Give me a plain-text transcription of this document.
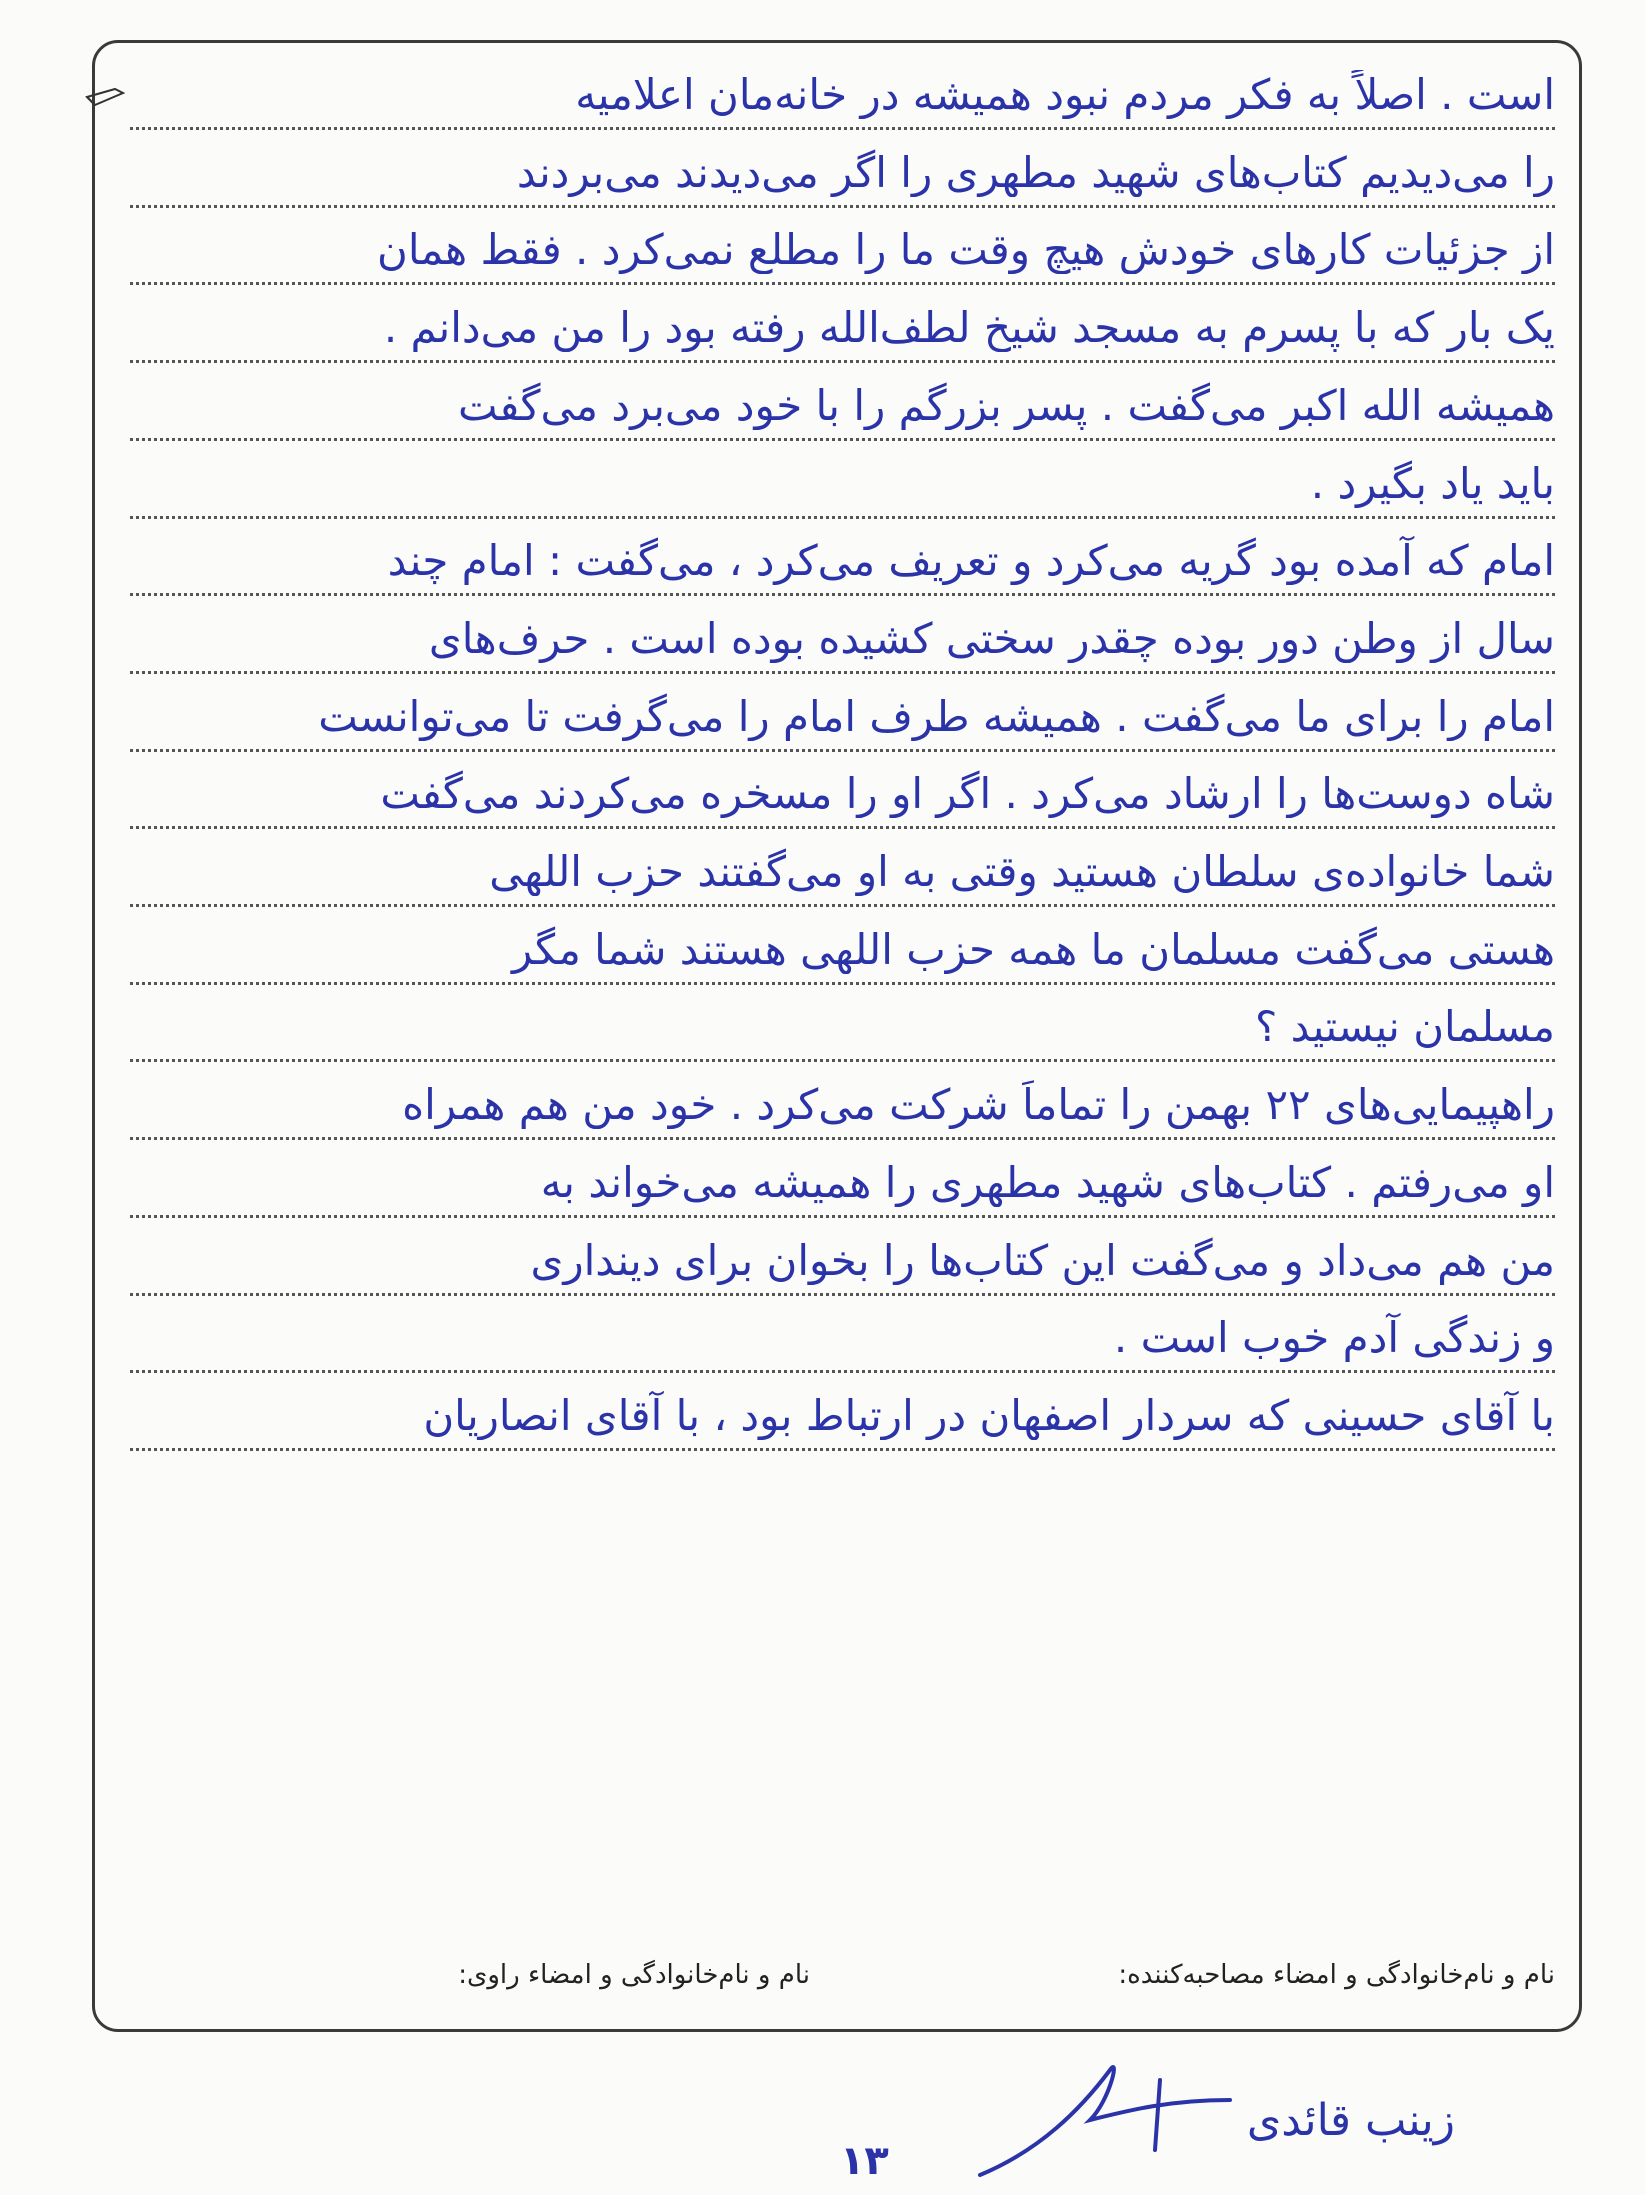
است . اصلاً به فکر مردم نبود همیشه در خانه‌مان اعلامیه
را می‌دیدیم کتاب‌های شهید مطهری را اگر می‌دیدند می‌بردند
از جزئیات کارهای خودش هیچ وقت ما را مطلع نمی‌کرد . فقط همان
یک بار که با پسرم به مسجد شیخ لطف‌الله رفته بود را من می‌دانم .
همیشه الله اکبر می‌گفت . پسر بزرگم را با خود می‌برد می‌گفت
باید یاد بگیرد .
امام که آمده بود گریه می‌کرد و تعریف می‌کرد ، می‌گفت : امام چند
سال از وطن دور بوده چقدر سختی کشیده بوده است . حرف‌های
امام را برای ما می‌گفت . همیشه طرف امام را می‌گرفت تا می‌توانست
شاه دوست‌ها را ارشاد می‌کرد . اگر او را مسخره می‌کردند می‌گفت
شما خانواده‌ی سلطان هستید وقتی به او می‌گفتند حزب اللهی
هستی می‌گفت مسلمان ما همه حزب اللهی هستند شما مگر
مسلمان نیستید ؟
راهپیمایی‌های ۲۲ بهمن را تماماً شرکت می‌کرد . خود من هم همراه
او می‌رفتم . کتاب‌های شهید مطهری را همیشه می‌خواند به
من هم می‌داد و می‌گفت این کتاب‌ها را بخوان برای دینداری
و زندگی آدم خوب است .
با آقای حسینی که سردار اصفهان در ارتباط بود ، با آقای انصاریان
نام و نام‌خانوادگی و امضاء مصاحبه‌کننده:
نام و نام‌خانوادگی و امضاء راوی:
۱۳
زینب قائدی
